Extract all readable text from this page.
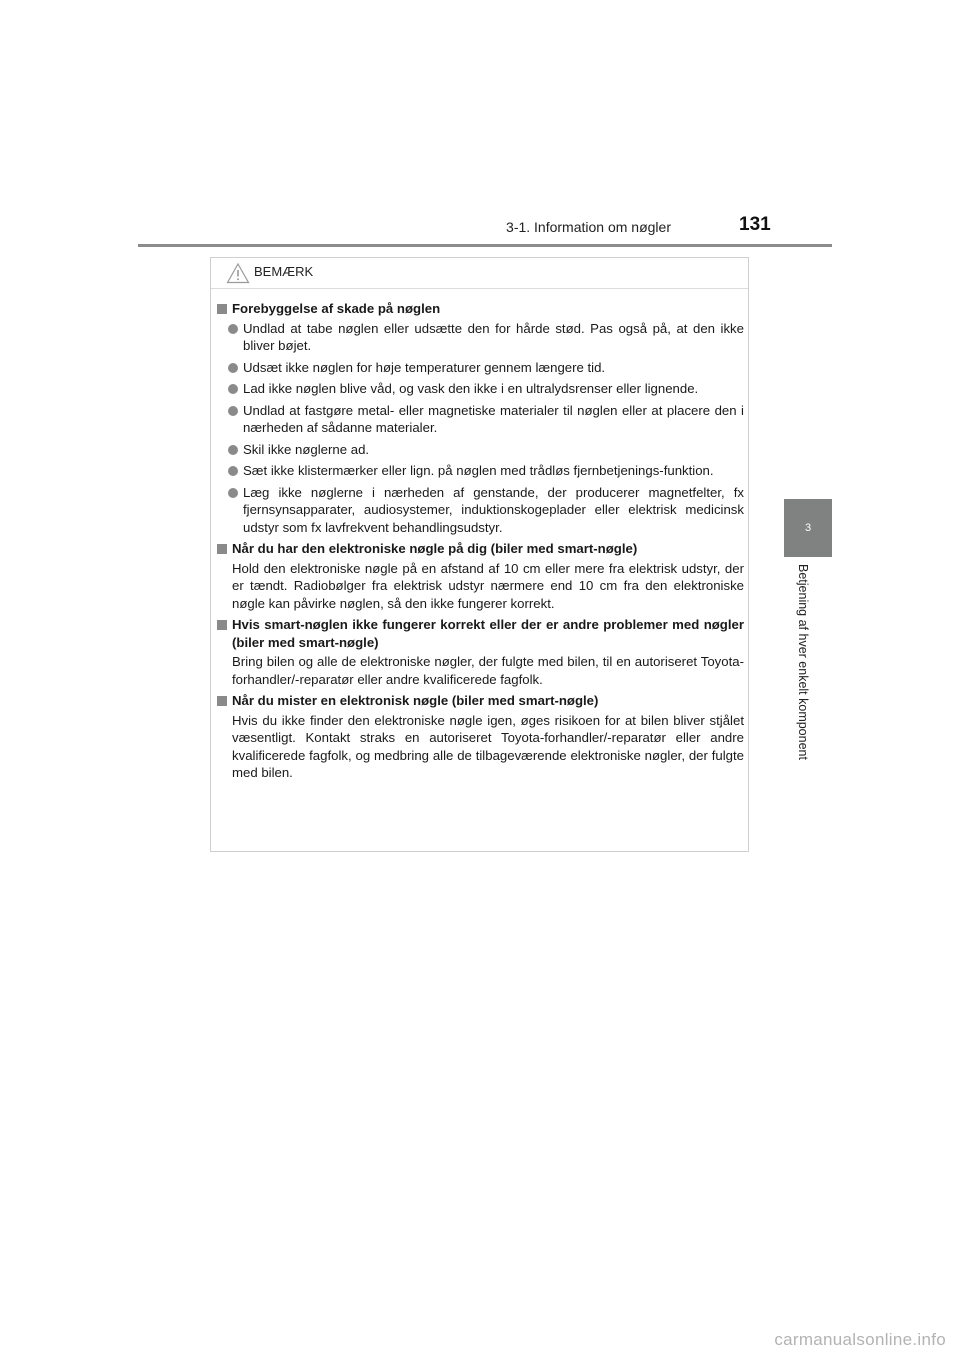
3-1. Information om nøgler	131
3
Betjening af hver enkelt komponent
BEMÆRK
Forebyggelse af skade på nøglen
Undlad at tabe nøglen eller udsætte den for hårde stød. Pas også på, at den ikke bliver bøjet.
Udsæt ikke nøglen for høje temperaturer gennem længere tid.
Lad ikke nøglen blive våd, og vask den ikke i en ultralydsrenser eller lignende.
Undlad at fastgøre metal- eller magnetiske materialer til nøglen eller at placere den i nærheden af sådanne materialer.
Skil ikke nøglerne ad.
Sæt ikke klistermærker eller lign. på nøglen med trådløs fjernbetjenings-funktion.
Læg ikke nøglerne i nærheden af genstande, der producerer magnetfelter, fx fjernsynsapparater, audiosystemer, induktionskogeplader eller elektrisk medicinsk udstyr som fx lavfrekvent behandlingsudstyr.
Når du har den elektroniske nøgle på dig (biler med smart-nøgle)
Hold den elektroniske nøgle på en afstand af 10 cm eller mere fra elektrisk udstyr, der er tændt. Radiobølger fra elektrisk udstyr nærmere end 10 cm fra den elektroniske nøgle kan påvirke nøglen, så den ikke fungerer korrekt.
Hvis smart-nøglen ikke fungerer korrekt eller der er andre problemer med nøgler (biler med smart-nøgle)
Bring bilen og alle de elektroniske nøgler, der fulgte med bilen, til en autoriseret Toyota-forhandler/-reparatør eller andre kvalificerede fagfolk.
Når du mister en elektronisk nøgle (biler med smart-nøgle)
Hvis du ikke finder den elektroniske nøgle igen, øges risikoen for at bilen bliver stjålet væsentligt. Kontakt straks en autoriseret Toyota-forhandler/-reparatør eller andre kvalificerede fagfolk, og medbring alle de tilbageværende elektroniske nøgler, der fulgte med bilen.
carmanualsonline.info
